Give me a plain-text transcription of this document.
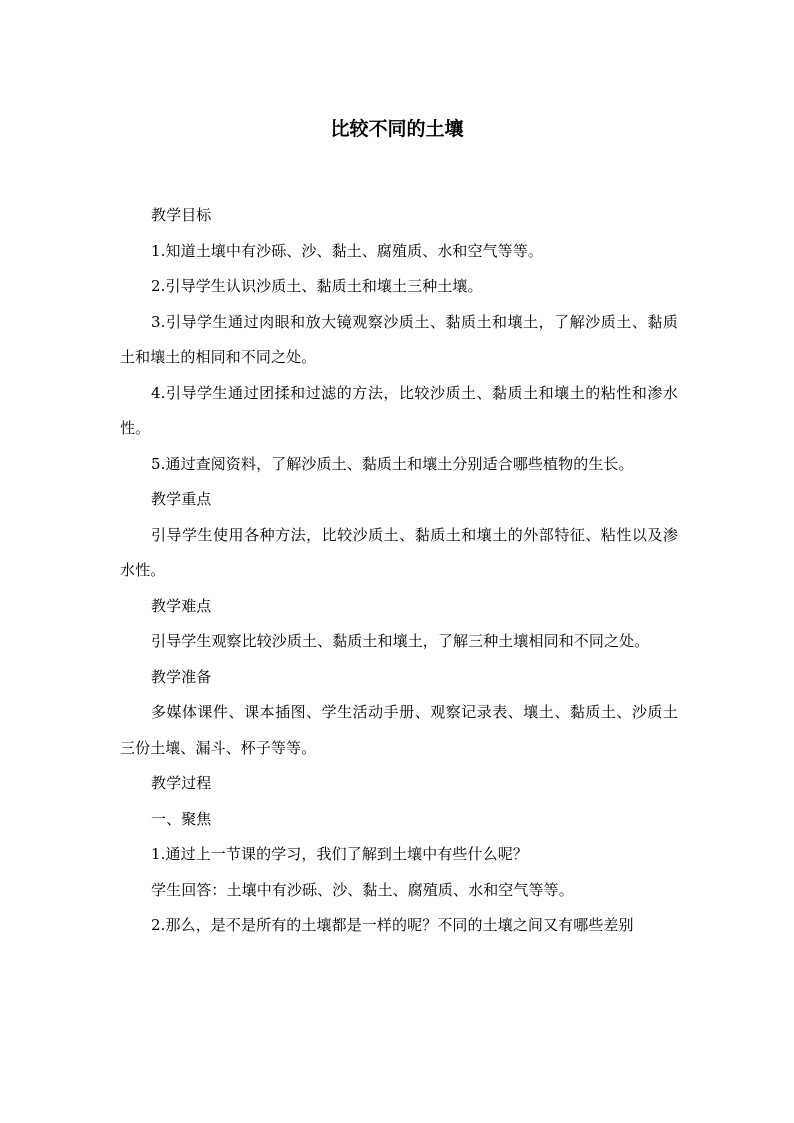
比较不同的土壤

教学目标

1.知道土壤中有沙砾、沙、黏土、腐殖质、水和空气等等。

2.引导学生认识沙质土、黏质土和壤土三种土壤。

3.引导学生通过肉眼和放大镜观察沙质土、黏质土和壤土，了解沙质土、黏质土和壤土的相同和不同之处。

4.引导学生通过团揉和过滤的方法，比较沙质土、黏质土和壤土的粘性和渗水性。

5.通过查阅资料，了解沙质土、黏质土和壤土分别适合哪些植物的生长。

教学重点

引导学生使用各种方法，比较沙质土、黏质土和壤土的外部特征、粘性以及渗水性。

教学难点

引导学生观察比较沙质土、黏质土和壤土，了解三种土壤相同和不同之处。

教学准备

多媒体课件、课本插图、学生活动手册、观察记录表、壤土、黏质土、沙质土三份土壤、漏斗、杯子等等。

教学过程

一、聚焦

1.通过上一节课的学习，我们了解到土壤中有些什么呢？

学生回答：土壤中有沙砾、沙、黏土、腐殖质、水和空气等等。

2.那么，是不是所有的土壤都是一样的呢？不同的土壤之间又有哪些差别
